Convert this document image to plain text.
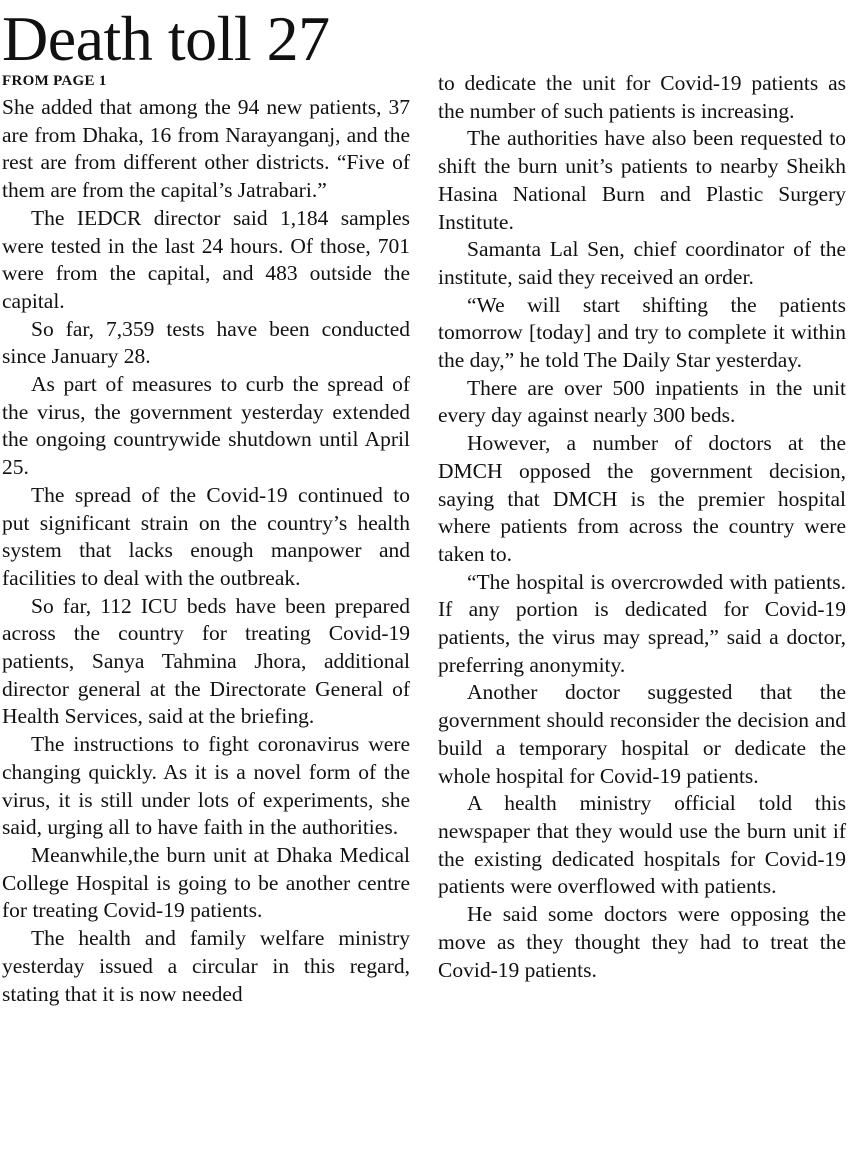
Death toll 27
FROM PAGE 1

She added that among the 94 new patients, 37 are from Dhaka, 16 from Narayanganj, and the rest are from different other districts. “Five of them are from the capital’s Jatrabari.”

The IEDCR director said 1,184 samples were tested in the last 24 hours. Of those, 701 were from the capital, and 483 outside the capital.

So far, 7,359 tests have been conducted since January 28.

As part of measures to curb the spread of the virus, the government yesterday extended the ongoing countrywide shutdown until April 25.

The spread of the Covid-19 continued to put significant strain on the country’s health system that lacks enough manpower and facilities to deal with the outbreak.

So far, 112 ICU beds have been prepared across the country for treating Covid-19 patients, Sanya Tahmina Jhora, additional director general at the Directorate General of Health Services, said at the briefing.

The instructions to fight coronavirus were changing quickly. As it is a novel form of the virus, it is still under lots of experiments, she said, urging all to have faith in the authorities.

Meanwhile,the burn unit at Dhaka Medical College Hospital is going to be another centre for treating Covid-19 patients.

The health and family welfare ministry yesterday issued a circular in this regard, stating that it is now needed

to dedicate the unit for Covid-19 patients as the number of such patients is increasing.

The authorities have also been requested to shift the burn unit’s patients to nearby Sheikh Hasina National Burn and Plastic Surgery Institute.

Samanta Lal Sen, chief coordinator of the institute, said they received an order.

“We will start shifting the patients tomorrow [today] and try to complete it within the day,” he told The Daily Star yesterday.

There are over 500 inpatients in the unit every day against nearly 300 beds.

However, a number of doctors at the DMCH opposed the government decision, saying that DMCH is the premier hospital where patients from across the country were taken to.

“The hospital is overcrowded with patients. If any portion is dedicated for Covid-19 patients, the virus may spread,” said a doctor, preferring anonymity.

Another doctor suggested that the government should reconsider the decision and build a temporary hospital or dedicate the whole hospital for Covid-19 patients.

A health ministry official told this newspaper that they would use the burn unit if the existing dedicated hospitals for Covid-19 patients were overflowed with patients.

He said some doctors were opposing the move as they thought they had to treat the Covid-19 patients.
